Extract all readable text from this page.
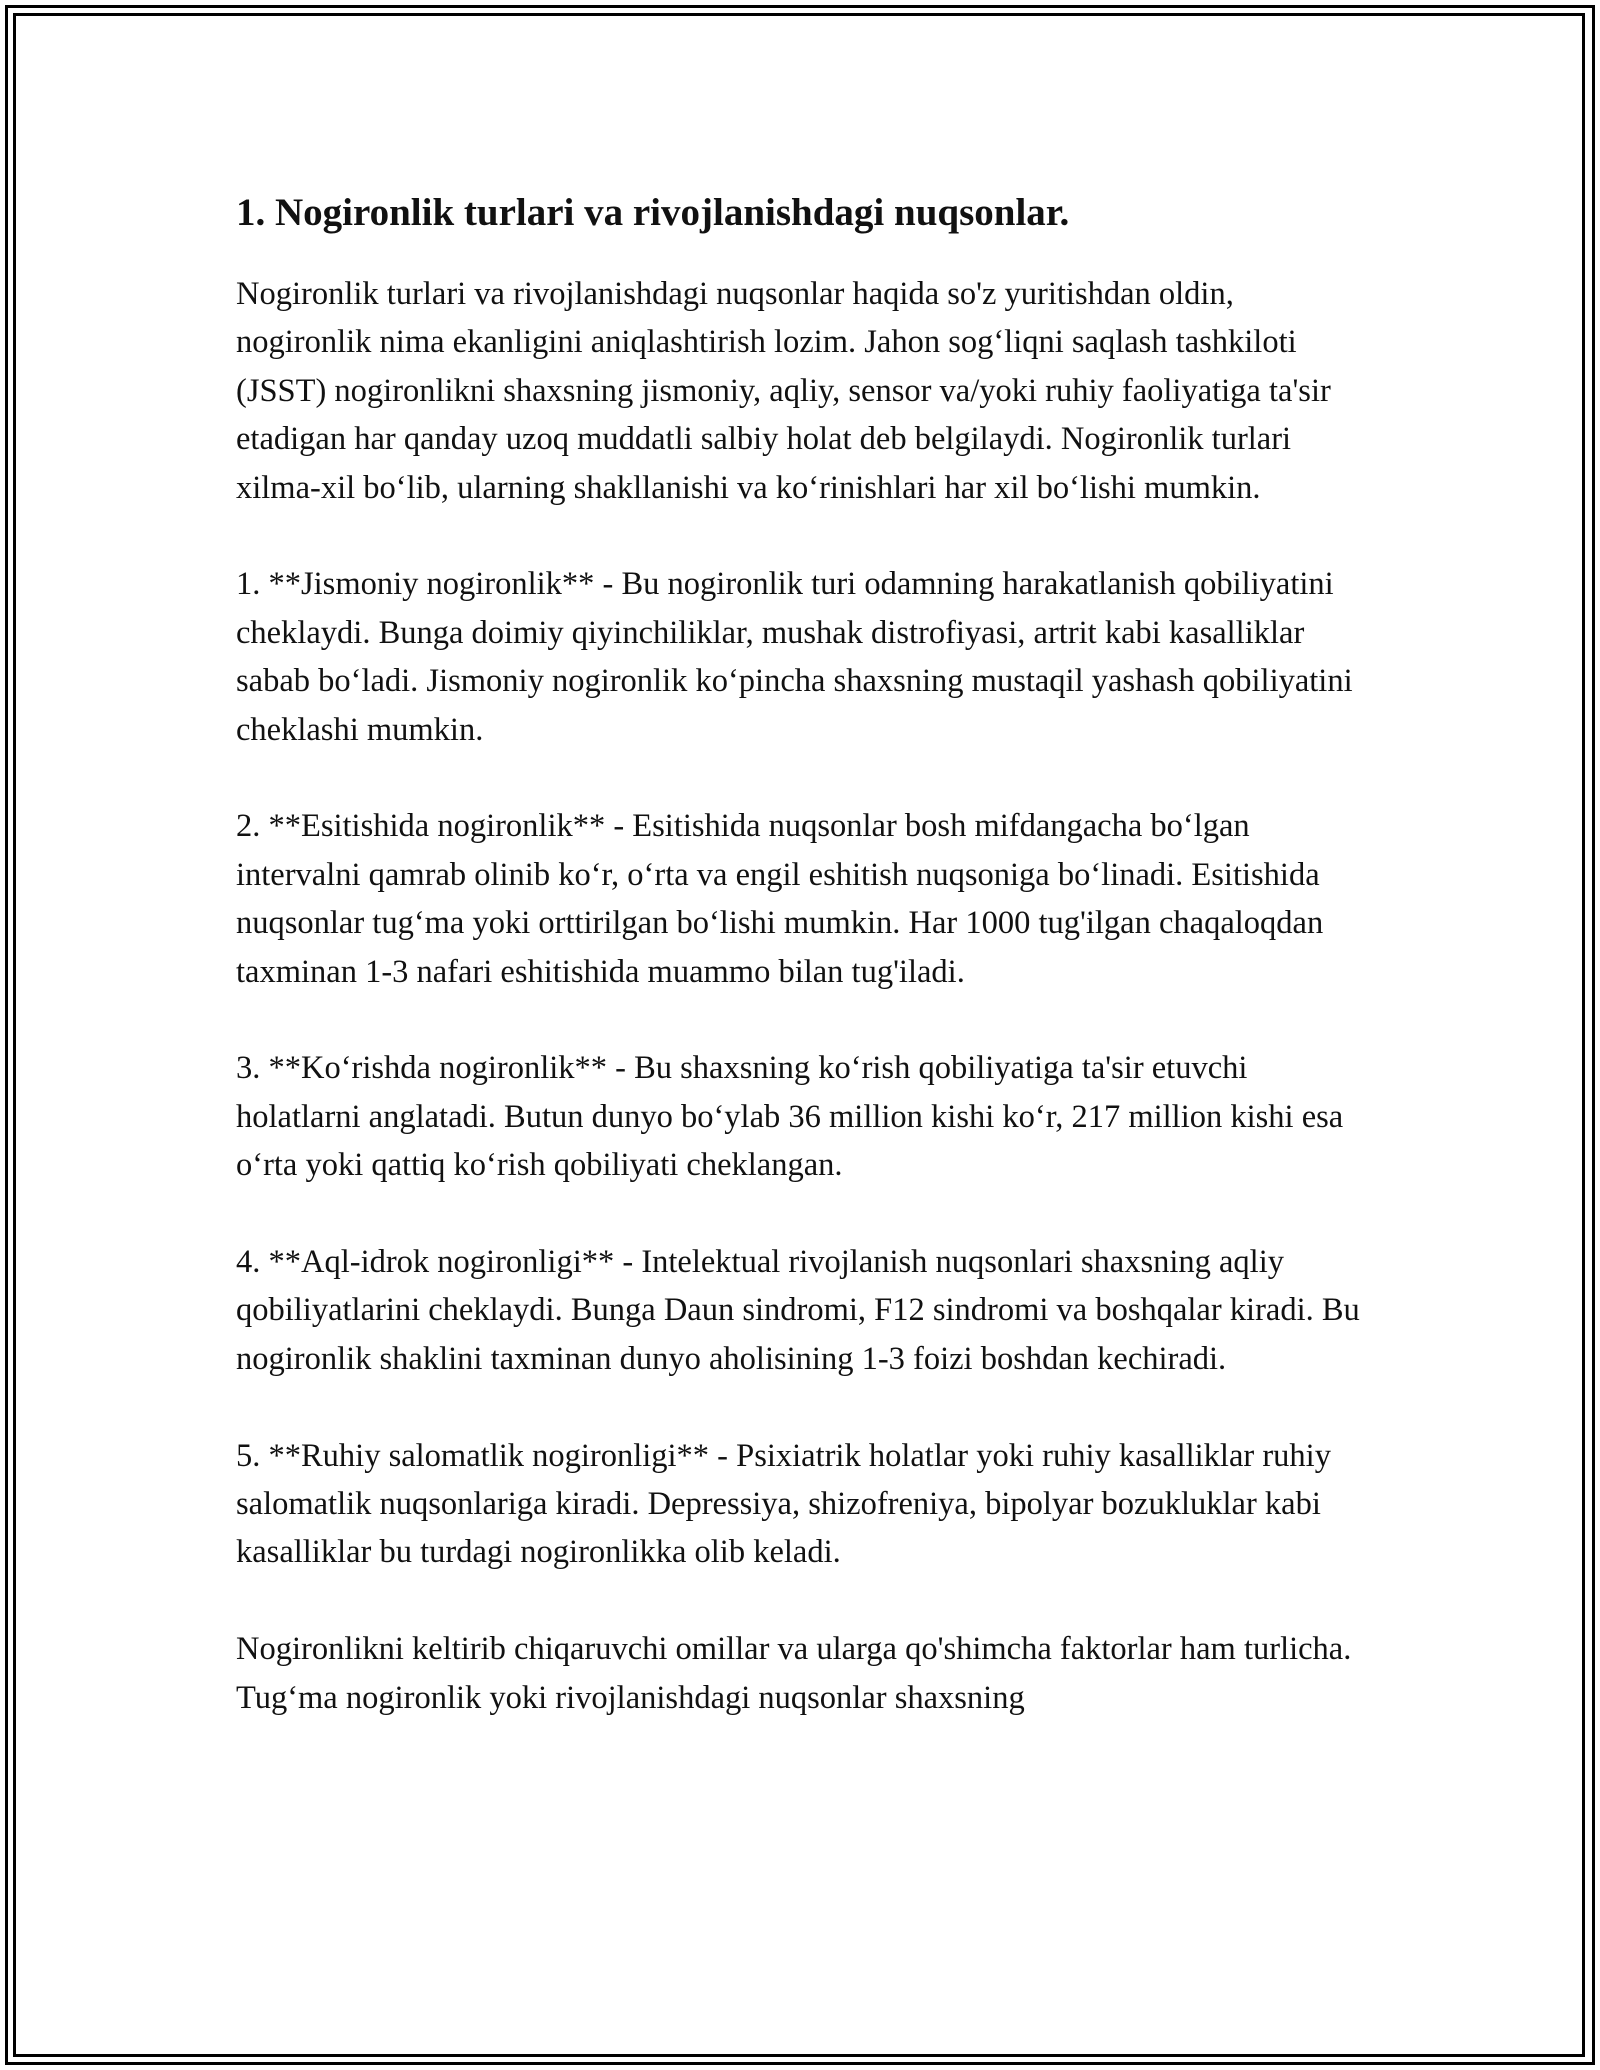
1. Nogironlik turlari va rivojlanishdagi nuqsonlar.

Nogironlik turlari va rivojlanishdagi nuqsonlar haqida so'z yuritishdan oldin, nogironlik nima ekanligini aniqlashtirish lozim. Jahon sog‘liqni saqlash tashkiloti (JSST) nogironlikni shaxsning jismoniy, aqliy, sensor va/yoki ruhiy faoliyatiga ta'sir etadigan har qanday uzoq muddatli salbiy holat deb belgilaydi. Nogironlik turlari xilma-xil bo‘lib, ularning shakllanishi va ko‘rinishlari har xil bo‘lishi mumkin.

1. **Jismoniy nogironlik** - Bu nogironlik turi odamning harakatlanish qobiliyatini cheklaydi. Bunga doimiy qiyinchiliklar, mushak distrofiyasi, artrit kabi kasalliklar sabab bo‘ladi. Jismoniy nogironlik ko‘pincha shaxsning mustaqil yashash qobiliyatini cheklashi mumkin.

2. **Esitishida nogironlik** - Esitishida nuqsonlar bosh mifdangacha bo‘lgan intervalni qamrab olinib ko‘r, o‘rta va engil eshitish nuqsoniga bo‘linadi. Esitishida nuqsonlar tug‘ma yoki orttirilgan bo‘lishi mumkin. Har 1000 tug'ilgan chaqaloqdan taxminan 1-3 nafari eshitishida muammo bilan tug'iladi.

3. **Ko‘rishda nogironlik** - Bu shaxsning ko‘rish qobiliyatiga ta'sir etuvchi holatlarni anglatadi. Butun dunyo bo‘ylab 36 million kishi ko‘r, 217 million kishi esa o‘rta yoki qattiq ko‘rish qobiliyati cheklangan.

4. **Aql-idrok nogironligi** - Intelektual rivojlanish nuqsonlari shaxsning aqliy qobiliyatlarini cheklaydi. Bunga Daun sindromi, F12 sindromi va boshqalar kiradi. Bu nogironlik shaklini taxminan dunyo aholisining 1-3 foizi boshdan kechiradi.

5. **Ruhiy salomatlik nogironligi** - Psixiatrik holatlar yoki ruhiy kasalliklar ruhiy salomatlik nuqsonlariga kiradi. Depressiya, shizofreniya, bipolyar bozukluklar kabi kasalliklar bu turdagi nogironlikka olib keladi.

Nogironlikni keltirib chiqaruvchi omillar va ularga qo'shimcha faktorlar ham turlicha. Tug‘ma nogironlik yoki rivojlanishdagi nuqsonlar shaxsning
